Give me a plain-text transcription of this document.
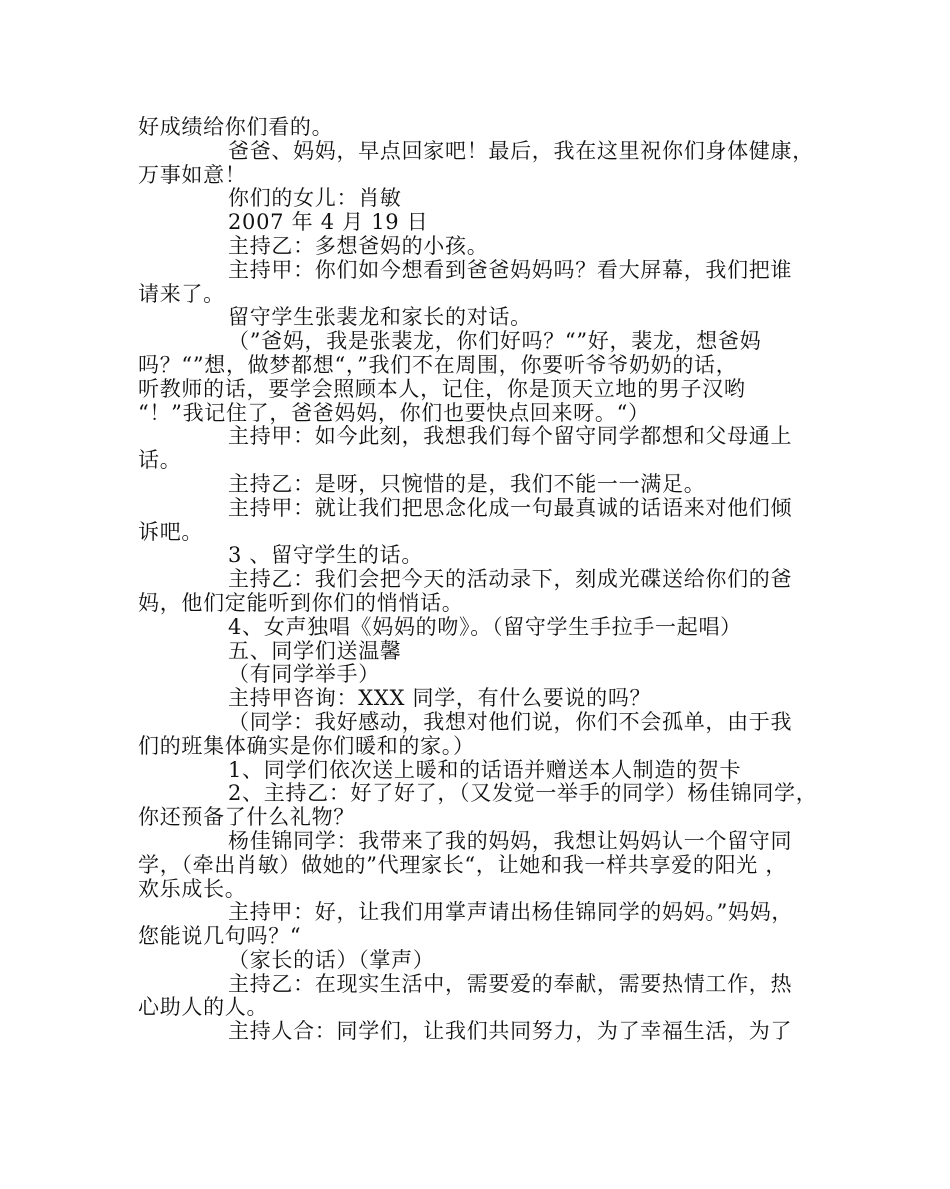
好成绩给你们看的。
爸爸、妈妈，早点回家吧！最后，我在这里祝你们身体健康，
万事如意！
你们的女儿：肖敏
2007 年 4 月 19 日
主持乙：多想爸妈的小孩。
主持甲：你们如今想看到爸爸妈妈吗？看大屏幕，我们把谁
请来了。
留守学生张裴龙和家长的对话。
（”爸妈，我是张裴龙，你们好吗？“”好，裴龙，想爸妈
吗？“”想，做梦都想“，”我们不在周围，你要听爷爷奶奶的话，
听教师的话，要学会照顾本人，记住，你是顶天立地的男子汉哟
“！”我记住了，爸爸妈妈，你们也要快点回来呀。“）
主持甲：如今此刻，我想我们每个留守同学都想和父母通上
话。
主持乙：是呀，只惋惜的是，我们不能一一满足。
主持甲：就让我们把思念化成一句最真诚的话语来对他们倾
诉吧。
3 、留守学生的话。
主持乙：我们会把今天的活动录下，刻成光碟送给你们的爸
妈，他们定能听到你们的悄悄话。
4、女声独唱《妈妈的吻》。（留守学生手拉手一起唱）
五、同学们送温馨
（有同学举手）
主持甲咨询：XXX 同学，有什么要说的吗？
（同学：我好感动，我想对他们说，你们不会孤单，由于我
们的班集体确实是你们暖和的家。）
1、同学们依次送上暖和的话语并赠送本人制造的贺卡
2、主持乙：好了好了，（又发觉一举手的同学）杨佳锦同学，
你还预备了什么礼物？
杨佳锦同学：我带来了我的妈妈，我想让妈妈认一个留守同
学，（牵出肖敏）做她的”代理家长“，让她和我一样共享爱的阳光 ，
欢乐成长。
主持甲：好，让我们用掌声请出杨佳锦同学的妈妈。”妈妈，
您能说几句吗？“
（家长的话）（掌声）
主持乙：在现实生活中，需要爱的奉献，需要热情工作，热
心助人的人。
主持人合：同学们，让我们共同努力，为了幸福生活，为了
